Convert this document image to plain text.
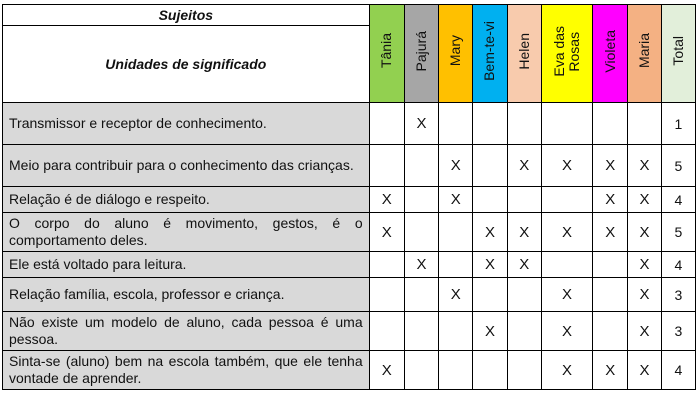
Sujeitos	Tânia	Pajurá	Mary	Bem-te-vi	Helen	Eva das
Rosas	Violeta	Maria	Total
Unidades de significado									
Transmissor e receptor de conhecimento.		X							1
Meio para contribuir para o conhecimento das crianças.			X		X	X	X	X	5
Relação é de diálogo e respeito.	X		X				X	X	4
O corpo do aluno é movimento, gestos, é o comportamento deles.	X			X	X	X	X	X	5
Ele está voltado para leitura.		X		X	X			X	4
Relação família, escola, professor e criança.			X			X		X	3
Não existe um modelo de aluno, cada pessoa é uma pessoa.				X		X		X	3
Sinta-se (aluno) bem na escola também, que ele tenha vontade de aprender.	X					X	X	X	4
